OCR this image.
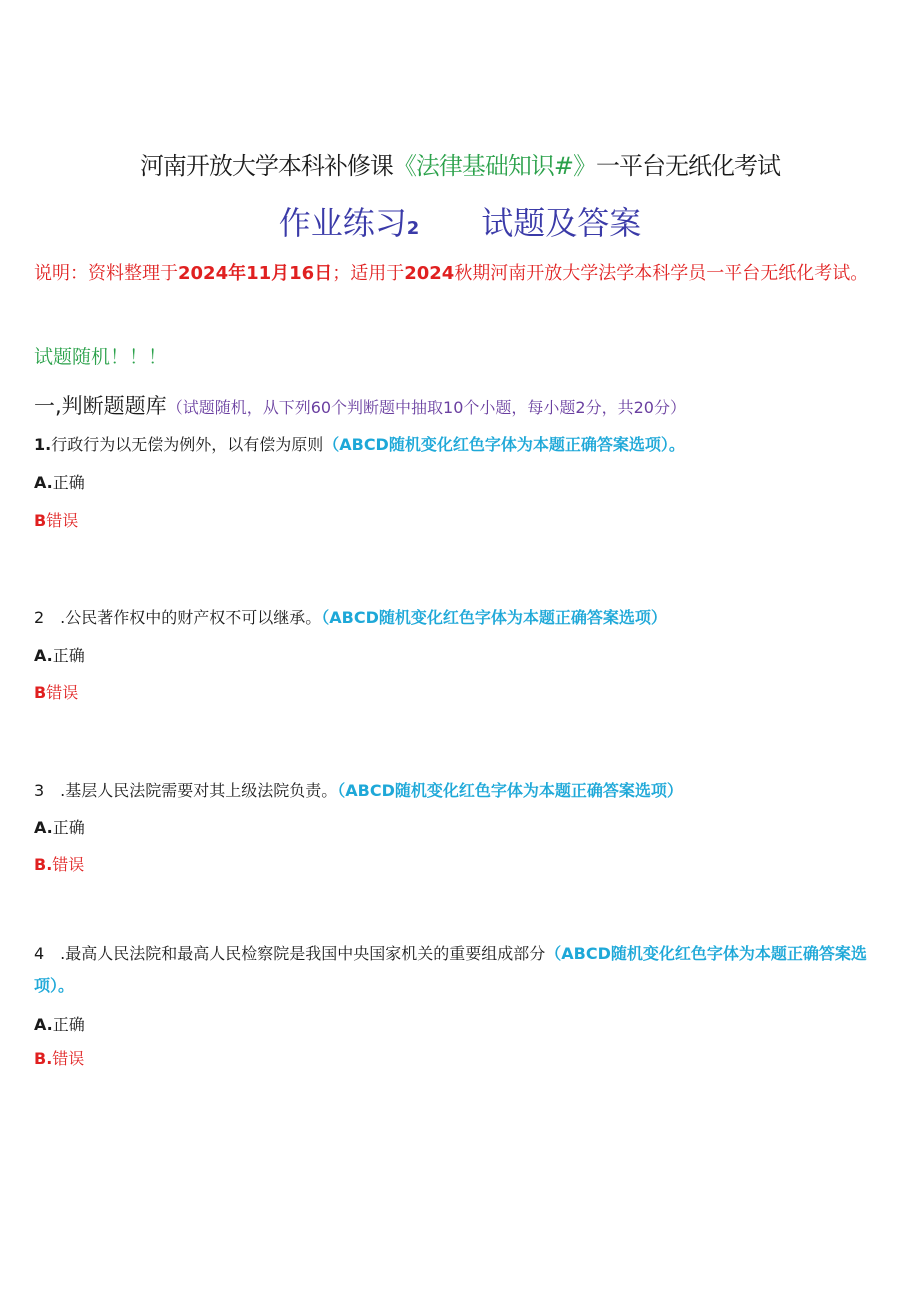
河南开放大学本科补修课《法律基础知识#》一平台无纸化考试
作业练习2 试题及答案
说明：资料整理于2024年11月16日；适用于2024秋期河南开放大学法学本科学员一平台无纸化考试。
试题随机！！！
一,判断题题库（试题随机，从下列60个判断题中抽取10个小题，每小题2分，共20分）
1.行政行为以无偿为例外，以有偿为原则（ABCD随机变化红色字体为本题正确答案选项）。
A.正确
B错误
2　.公民著作权中的财产权不可以继承。（ABCD随机变化红色字体为本题正确答案选项）
A.正确
B错误
3　.基层人民法院需要对其上级法院负责。（ABCD随机变化红色字体为本题正确答案选项）
A.正确
B.错误
4　.最高人民法院和最高人民检察院是我国中央国家机关的重要组成部分（ABCD随机变化红色字体为本题正确答案选项）。
A.正确
B.错误
